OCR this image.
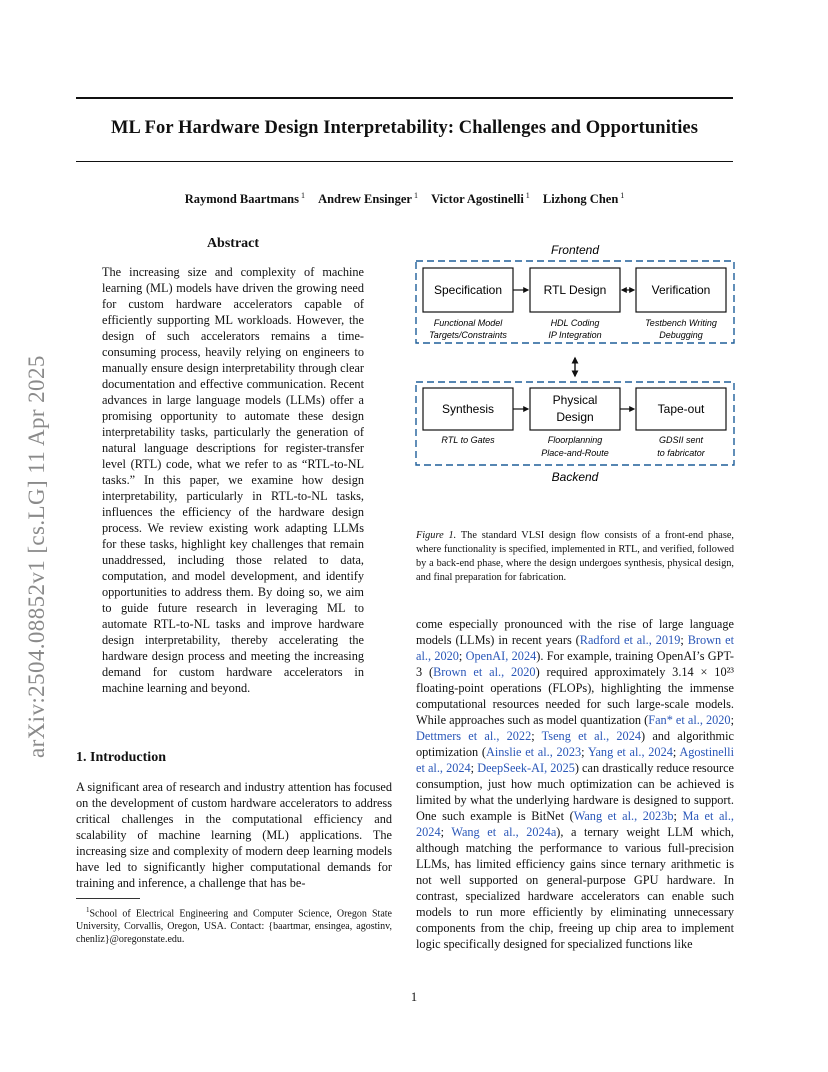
ML For Hardware Design Interpretability: Challenges and Opportunities
Raymond Baartmans $^1$ Andrew Ensinger $^1$ Victor Agostinelli $^1$ Lizhong Chen $^1$
arXiv:2504.08852v1 [cs.LG] 11 Apr 2025
Abstract

The increasing size and complexity of machine learning (ML) models have driven the growing need for custom hardware accelerators capable of efficiently supporting ML workloads. However, the design of such accelerators remains a time-consuming process, heavily relying on engineers to manually ensure design interpretability through clear documentation and effective communication. Recent advances in large language models (LLMs) offer a promising opportunity to automate these design interpretability tasks, particularly the generation of natural language descriptions for register-transfer level (RTL) code, what we refer to as “RTL-to-NL tasks.” In this paper, we examine how design interpretability, particularly in RTL-to-NL tasks, influences the efficiency of the hardware design process. We review existing work adapting LLMs for these tasks, highlight key challenges that remain unaddressed, including those related to data, computation, and model development, and identify opportunities to address them. By doing so, we aim to guide future research in leveraging ML to automate RTL-to-NL tasks and improve hardware design interpretability, thereby accelerating the hardware design process and meeting the increasing demand for custom hardware accelerators in machine learning and beyond.

1. Introduction

A significant area of research and industry attention has focused on the development of custom hardware accelerators to address critical challenges in the computational efficiency and scalability of machine learning (ML) applications. The increasing size and complexity of modern deep learning models have led to significantly higher computational demands for training and inference, a challenge that has be-

$^1$School of Electrical Engineering and Computer Science, Oregon State University, Corvallis, Oregon, USA. Contact: {baartmar, ensingea, agostinv, chenliz}@oregonstate.edu.

Frontend
Specification	RTL Design	Verification
Functional Model
Targets/Constraints
HDL Coding
IP Integration
Testbench Writing
Debugging
Synthesis
Physical
Design
Tape-out
RTL to Gates	Floorplanning
Place-and-Route
GDSII sent
to fabricator
Backend

Figure 1. The standard VLSI design flow consists of a front-end phase, where functionality is specified, implemented in RTL, and verified, followed by a back-end phase, where the design undergoes synthesis, physical design, and final preparation for fabrication.

come especially pronounced with the rise of large language models (LLMs) in recent years (Radford et al., 2019; Brown et al., 2020; OpenAI, 2024). For example, training OpenAI’s GPT-3 (Brown et al., 2020) required approximately 3.14 × 10²³ floating-point operations (FLOPs), highlighting the immense computational resources needed for such large-scale models. While approaches such as model quantization (Fan* et al., 2020; Dettmers et al., 2022; Tseng et al., 2024) and algorithmic optimization (Ainslie et al., 2023; Yang et al., 2024; Agostinelli et al., 2024; DeepSeek-AI, 2025) can drastically reduce resource consumption, just how much optimization can be achieved is limited by what the underlying hardware is designed to support. One such example is BitNet (Wang et al., 2023b; Ma et al., 2024; Wang et al., 2024a), a ternary weight LLM which, although matching the performance to various full-precision LLMs, has limited efficiency gains since ternary arithmetic is not well supported on general-purpose GPU hardware. In contrast, specialized hardware accelerators can enable such models to run more efficiently by eliminating unnecessary components from the chip, freeing up chip area to implement logic specifically designed for specialized functions like

1
